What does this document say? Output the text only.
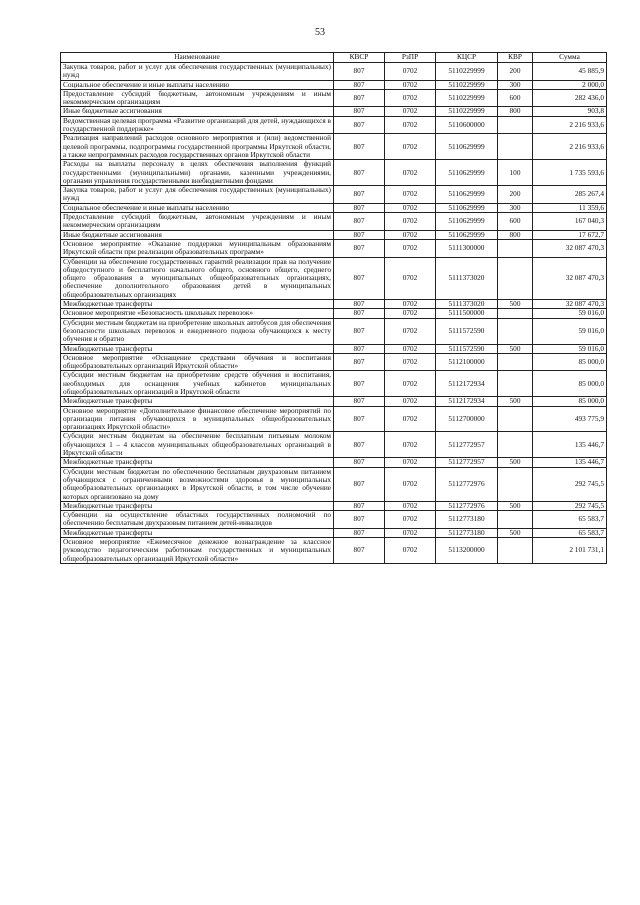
53
Наименование	КВСР	РзПР	КЦСР	КВР	Сумма
Закупка товаров, работ и услуг для обеспечения государственных (муниципальных) нужд	807	0702	5110229999	200	45 885,9
Социальное обеспечение и иные выплаты населению	807	0702	5110229999	300	2 000,0
Предоставление субсидий бюджетным, автономным учреждениям и иным некоммерческим организациям	807	0702	5110229999	600	282 436,0
Иные бюджетные ассигнования	807	0702	5110229999	800	903,8
Ведомственная целевая программа «Развитие организаций для детей, нуждающихся в государственной поддержке»	807	0702	5110600000		2 216 933,6
Реализация направлений расходов основного мероприятия и (или) ведомственной целевой программы, подпрограммы государственной программы Иркутской области, а также непрограммных расходов государственных органов Иркутской области	807	0702	5110629999		2 216 933,6
Расходы на выплаты персоналу в целях обеспечения выполнения функций государственными (муниципальными) органами, казенными учреждениями, органами управления государственными внебюджетными фондами	807	0702	5110629999	100	1 735 593,6
Закупка товаров, работ и услуг для обеспечения государственных (муниципальных) нужд	807	0702	5110629999	200	285 267,4
Социальное обеспечение и иные выплаты населению	807	0702	5110629999	300	11 359,6
Предоставление субсидий бюджетным, автономным учреждениям и иным некоммерческим организациям	807	0702	5110629999	600	167 040,3
Иные бюджетные ассигнования	807	0702	5110629999	800	17 672,7
Основное мероприятие «Оказание поддержки муниципальным образованиям Иркутской области при реализации образовательных программ»	807	0702	5111300000		32 087 470,3
Субвенции на обеспечение государственных гарантий реализации прав на получение общедоступного и бесплатного начального общего, основного общего, среднего общего образования в муниципальных общеобразовательных организациях, обеспечение дополнительного образования детей в муниципальных общеобразовательных организациях	807	0702	5111373020		32 087 470,3
Межбюджетные трансферты	807	0702	5111373020	500	32 087 470,3
Основное мероприятие «Безопасность школьных перевозок»	807	0702	5111500000		59 016,0
Субсидии местным бюджетам на приобретение школьных автобусов для обеспечения безопасности школьных перевозок и ежедневного подвоза обучающихся к месту обучения и обратно	807	0702	5111572590		59 016,0
Межбюджетные трансферты	807	0702	5111572590	500	59 016,0
Основное мероприятие «Оснащение средствами обучения и воспитания общеобразовательных организаций Иркутской области»	807	0702	5112100000		85 000,0
Субсидии местным бюджетам на приобретение средств обучения и воспитания, необходимых для оснащения учебных кабинетов муниципальных общеобразовательных организаций в Иркутской области	807	0702	5112172934		85 000,0
Межбюджетные трансферты	807	0702	5112172934	500	85 000,0
Основное мероприятие «Дополнительное финансовое обеспечение мероприятий по организации питания обучающихся в муниципальных общеобразовательных организациях Иркутской области»	807	0702	5112700000		493 775,9
Субсидии местным бюджетам на обеспечение бесплатным питьевым молоком обучающихся 1 – 4 классов муниципальных общеобразовательных организаций в Иркутской области	807	0702	5112772957		135 446,7
Межбюджетные трансферты	807	0702	5112772957	500	135 446,7
Субсидии местным бюджетам по обеспечению бесплатным двухразовым питанием обучающихся с ограниченными возможностями здоровья в муниципальных общеобразовательных организациях в Иркутской области, в том числе обучение которых организовано на дому	807	0702	5112772976		292 745,5
Межбюджетные трансферты	807	0702	5112772976	500	292 745,5
Субвенции на осуществление областных государственных полномочий по обеспечению бесплатным двухразовым питанием детей-инвалидов	807	0702	5112773180		65 583,7
Межбюджетные трансферты	807	0702	5112773180	500	65 583,7
Основное мероприятие «Ежемесячное денежное вознаграждение за классное руководство педагогическим работникам государственных и муниципальных общеобразовательных организаций Иркутской области»	807	0702	5113200000		2 101 731,1
